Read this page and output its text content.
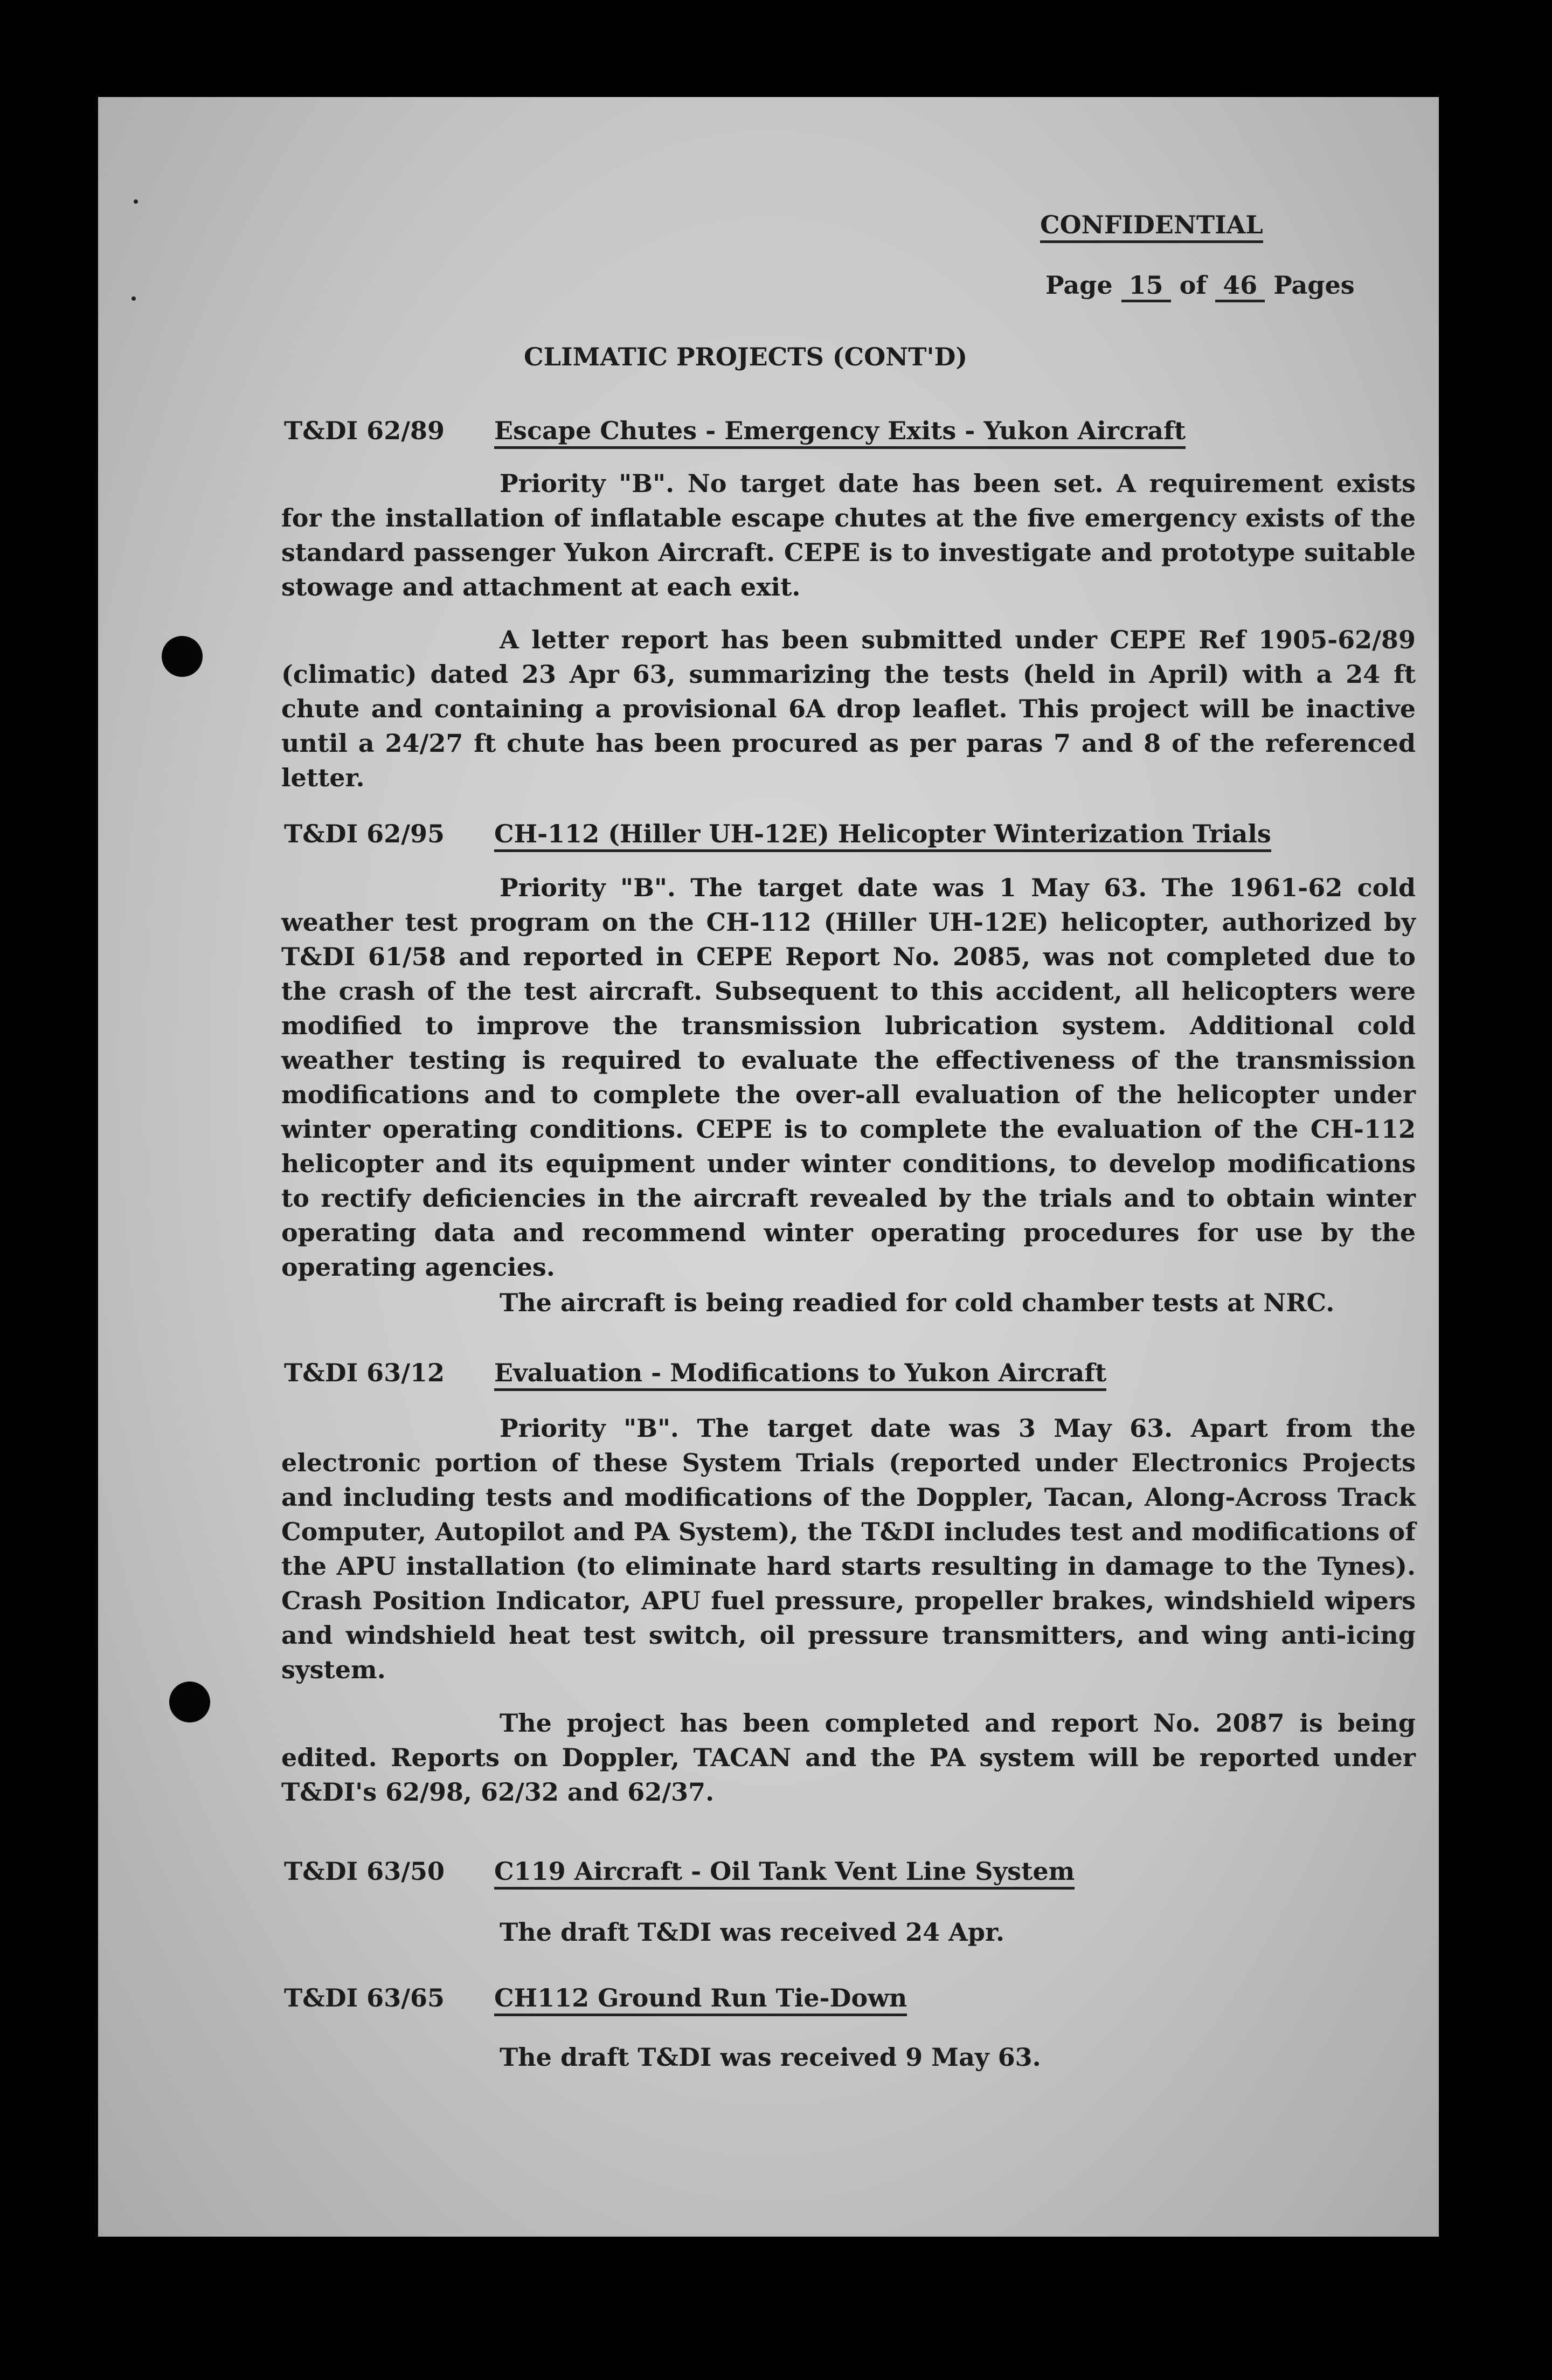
CONFIDENTIAL
Page 15 of 46 Pages
CLIMATIC PROJECTS (CONT'D)
T&DI 62/89 Escape Chutes - Emergency Exits - Yukon Aircraft

Priority "B". No target date has been set. A requirement exists for the installation of inflatable escape chutes at the five emergency exists of the standard passenger Yukon Aircraft. CEPE is to investigate and prototype suitable stowage and attachment at each exit.

A letter report has been submitted under CEPE Ref 1905-62/89 (climatic) dated 23 Apr 63, summarizing the tests (held in April) with a 24 ft chute and containing a provisional 6A drop leaflet. This project will be inactive until a 24/27 ft chute has been procured as per paras 7 and 8 of the referenced letter.

T&DI 62/95 CH-112 (Hiller UH-12E) Helicopter Winterization Trials

Priority "B". The target date was 1 May 63. The 1961-62 cold weather test program on the CH-112 (Hiller UH-12E) helicopter, authorized by T&DI 61/58 and reported in CEPE Report No. 2085, was not completed due to the crash of the test aircraft. Subsequent to this accident, all helicopters were modified to improve the transmission lubrication system. Additional cold weather testing is required to evaluate the effectiveness of the transmission modifications and to complete the over-all evaluation of the helicopter under winter operating conditions. CEPE is to complete the evaluation of the CH-112 helicopter and its equipment under winter conditions, to develop modifications to rectify deficiencies in the aircraft revealed by the trials and to obtain winter operating data and recommend winter operating procedures for use by the operating agencies.

The aircraft is being readied for cold chamber tests at NRC.
T&DI 63/12 Evaluation - Modifications to Yukon Aircraft

Priority "B". The target date was 3 May 63. Apart from the electronic portion of these System Trials (reported under Electronics Projects and including tests and modifications of the Doppler, Tacan, Along-Across Track Computer, Autopilot and PA System), the T&DI includes test and modifications of the APU installation (to eliminate hard starts resulting in damage to the Tynes). Crash Position Indicator, APU fuel pressure, propeller brakes, windshield wipers and windshield heat test switch, oil pressure transmitters, and wing anti-icing system.

The project has been completed and report No. 2087 is being edited. Reports on Doppler, TACAN and the PA system will be reported under T&DI's 62/98, 62/32 and 62/37.

T&DI 63/50 C119 Aircraft - Oil Tank Vent Line System
The draft T&DI was received 24 Apr.
T&DI 63/65 CH112 Ground Run Tie-Down
The draft T&DI was received 9 May 63.
